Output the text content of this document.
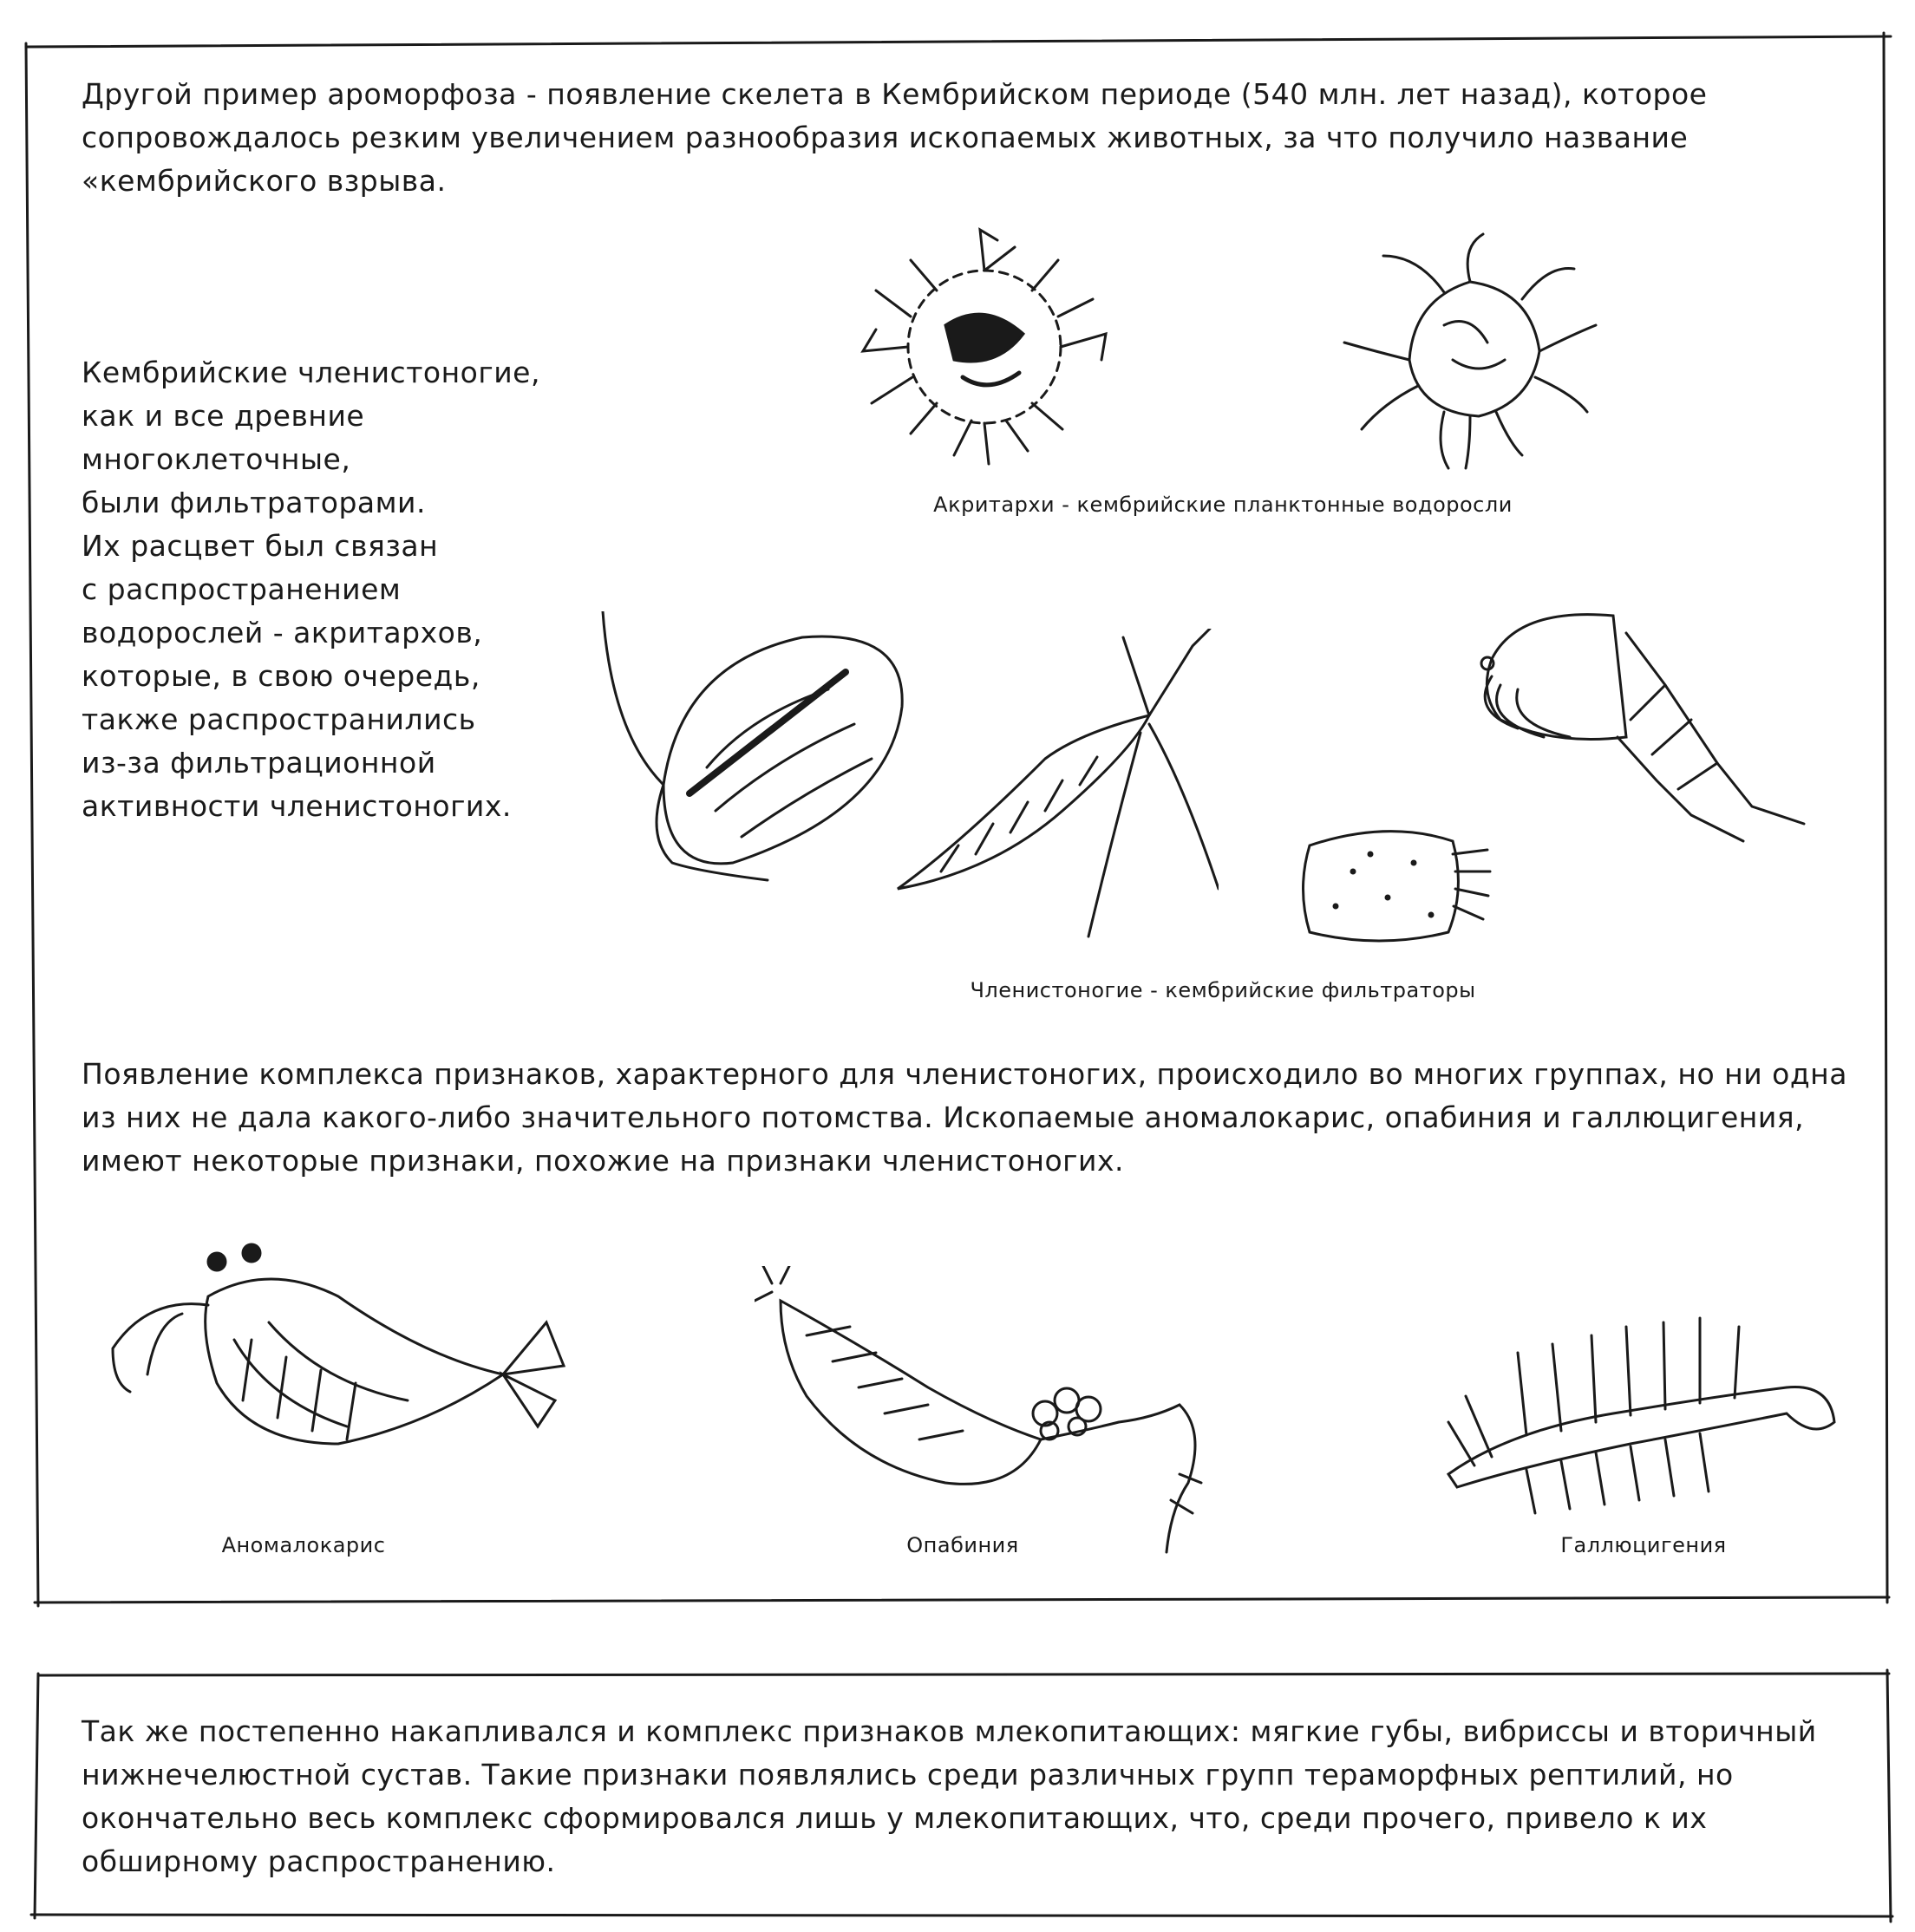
Другой пример ароморфоза - появление скелета в Кембрийском периоде (540 млн. лет назад), которое сопровождалось резким увеличением разнообразия ископаемых животных, за что получило название «кембрийского взрыва.

Кембрийские членистоногие,
как и все древние
многоклеточные,
были фильтраторами.
Их расцвет был связан
с распространением
водорослей - акритархов,
которые, в свою очередь,
также распространились
из-за фильтрационной
активности членистоногих.

Акритархи - кембрийские планктонные водоросли

Членистоногие - кембрийские фильтраторы

Появление комплекса признаков, характерного для членистоногих, происходило во многих группах, но ни одна из них не дала какого-либо значительного потомства. Ископаемые аномалокарис, опабиния и галлюцигения, имеют некоторые признаки, похожие на признаки членистоногих.

Аномалокарис	Опабиния	Галлюцигения

Так же постепенно накапливался и комплекс признаков млекопитающих: мягкие губы, вибриссы и вторичный нижнечелюстной сустав. Такие признаки появлялись среди различных групп тераморфных рептилий, но окончательно весь комплекс сформировался лишь у млекопитающих, что, среди прочего, привело к их обширному распространению.
